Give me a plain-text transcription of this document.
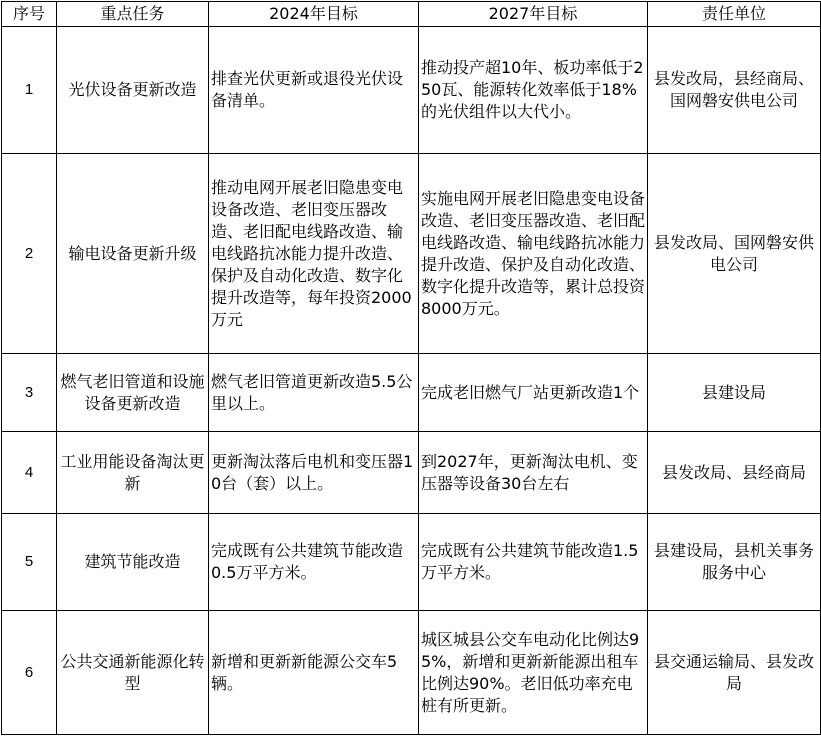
序号	重点任务	2024年目标	2027年目标	责任单位
1	光伏设备更新改造	排查光伏更新或退役光伏设备清单。	推动投产超10年、板功率低于250瓦、能源转化效率低于18%的光伏组件以大代小。	县发改局，县经商局、国网磐安供电公司
2	输电设备更新升级	推动电网开展老旧隐患变电设备改造、老旧变压器改造、老旧配电线路改造、输电线路抗冰能力提升改造、保护及自动化改造、数字化提升改造等，每年投资2000万元	实施电网开展老旧隐患变电设备改造、老旧变压器改造、老旧配电线路改造、输电线路抗冰能力提升改造、保护及自动化改造、数字化提升改造等，累计总投资8000万元。	县发改局、国网磐安供电公司
3	燃气老旧管道和设施设备更新改造	燃气老旧管道更新改造5.5公里以上。	完成老旧燃气厂站更新改造1个	县建设局
4	工业用能设备淘汰更新	更新淘汰落后电机和变压器10台（套）以上。	到2027年，更新淘汰电机、变压器等设备30台左右	县发改局、县经商局
5	建筑节能改造	完成既有公共建筑节能改造0.5万平方米。	完成既有公共建筑节能改造1.5万平方米。	县建设局，县机关事务服务中心
6	公共交通新能源化转型	新增和更新新能源公交车5辆。	城区城县公交车电动化比例达95%，新增和更新新能源出租车比例达90%。老旧低功率充电桩有所更新。	县交通运输局、县发改局
